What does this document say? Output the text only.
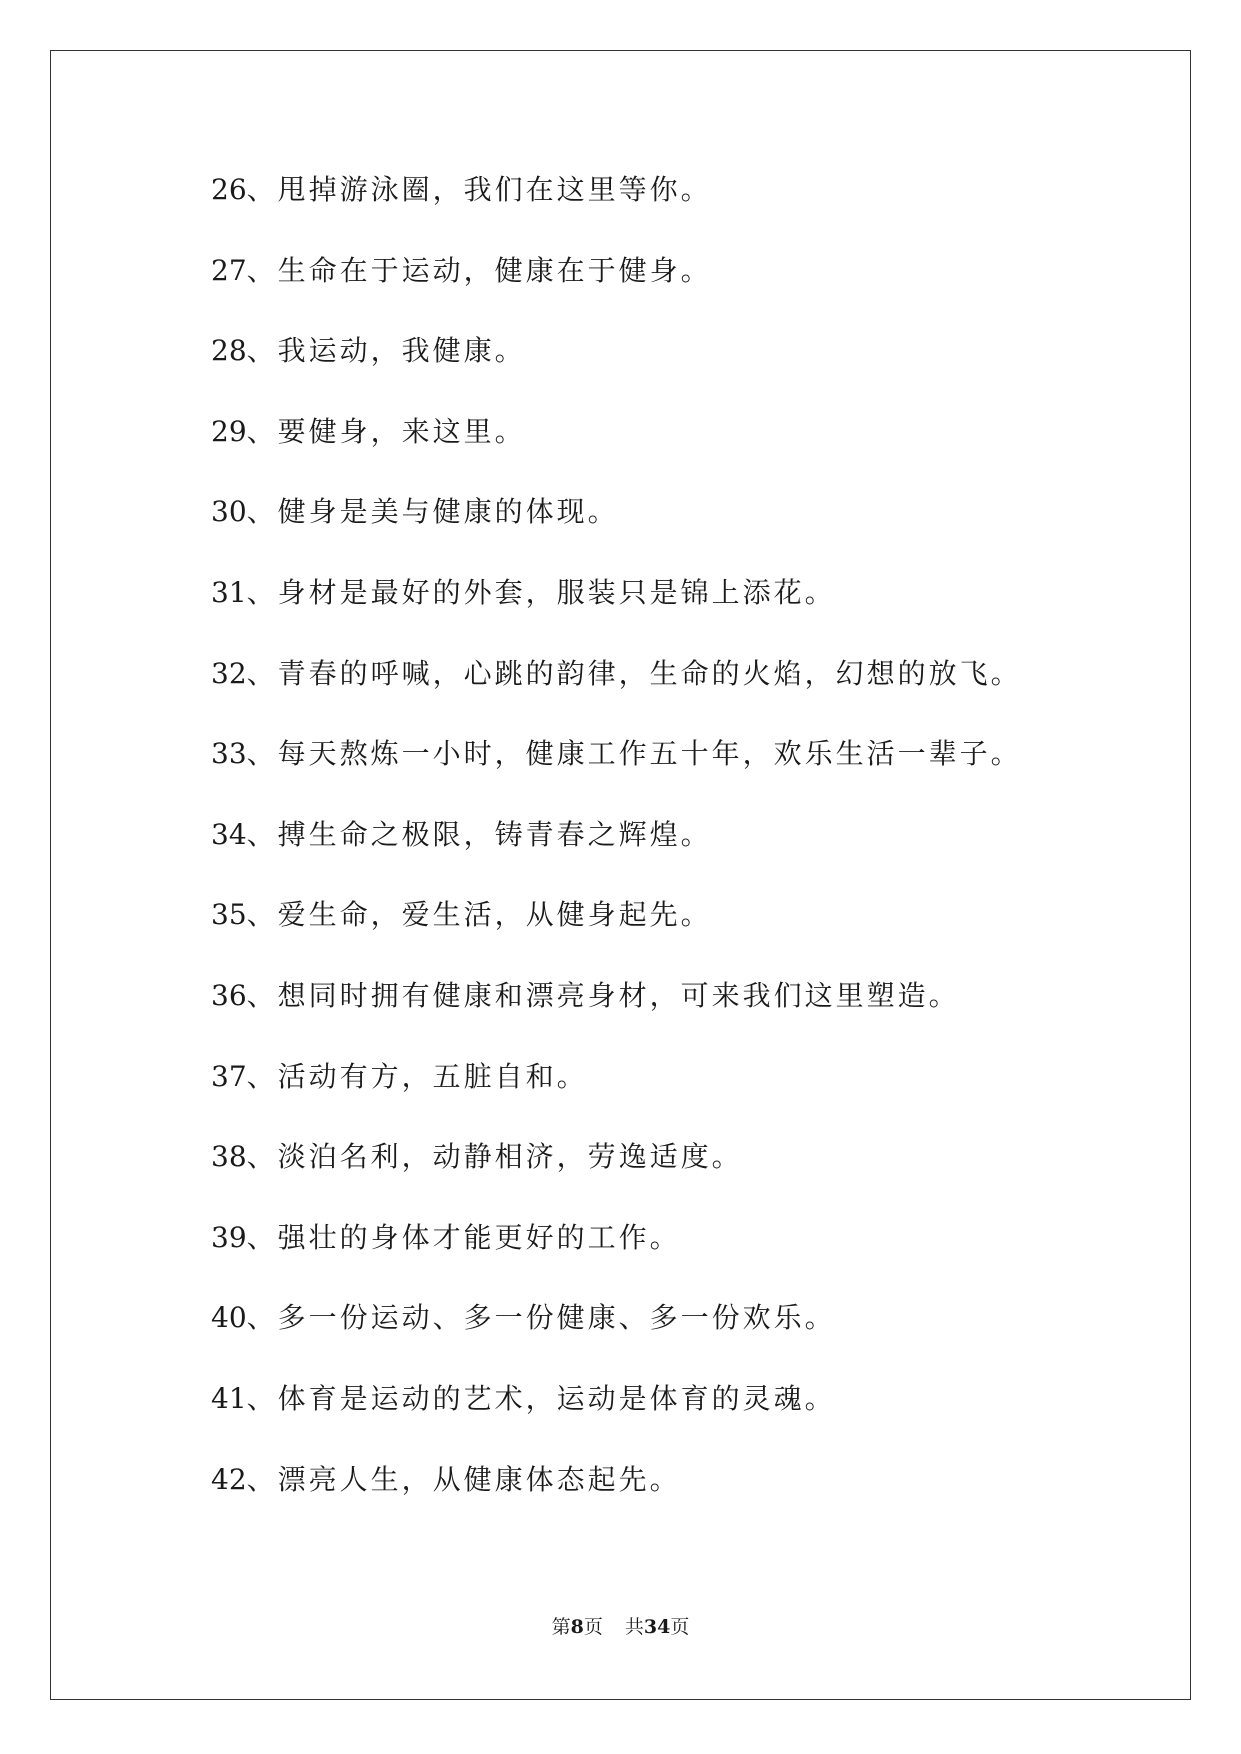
26、甩掉游泳圈，我们在这里等你。
27、生命在于运动，健康在于健身。
28、我运动，我健康。
29、要健身，来这里。
30、健身是美与健康的体现。
31、身材是最好的外套，服装只是锦上添花。
32、青春的呼喊，心跳的韵律，生命的火焰，幻想的放飞。
33、每天熬炼一小时，健康工作五十年，欢乐生活一辈子。
34、搏生命之极限，铸青春之辉煌。
35、爱生命，爱生活，从健身起先。
36、想同时拥有健康和漂亮身材，可来我们这里塑造。
37、活动有方，五脏自和。
38、淡泊名利，动静相济，劳逸适度。
39、强壮的身体才能更好的工作。
40、多一份运动、多一份健康、多一份欢乐。
41、体育是运动的艺术，运动是体育的灵魂。
42、漂亮人生，从健康体态起先。
第8页 共34页
